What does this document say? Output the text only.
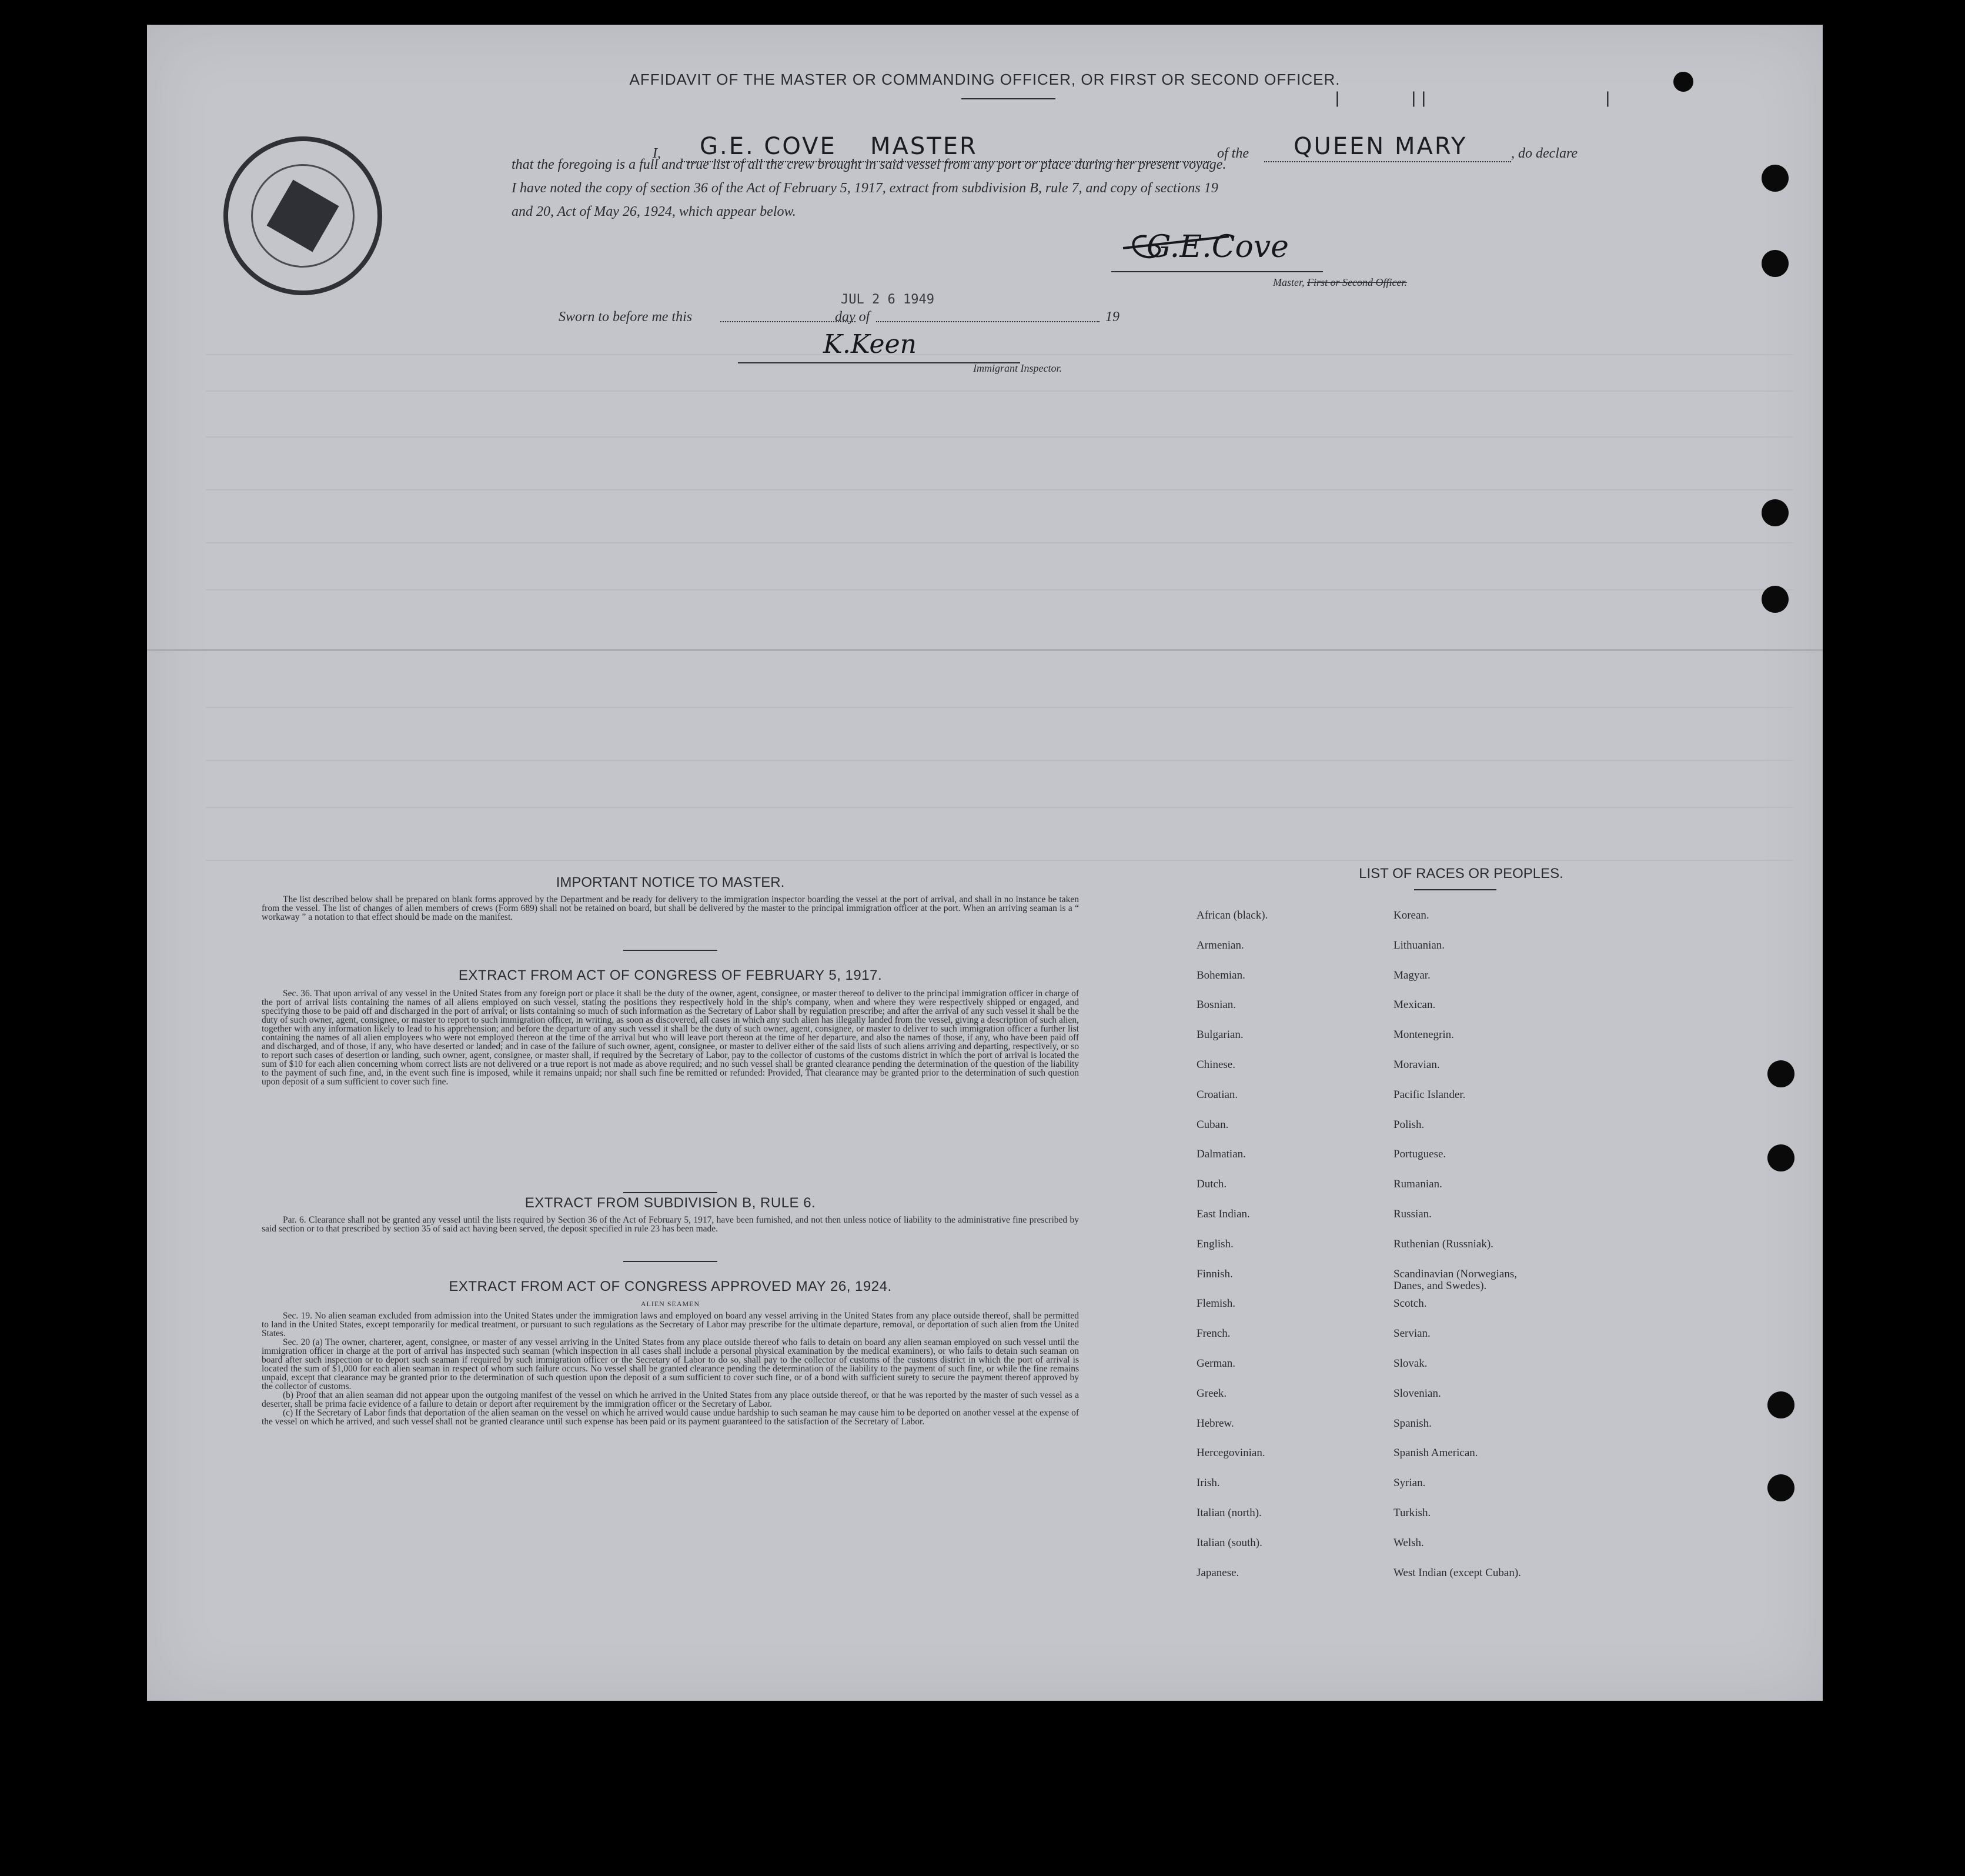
AFFIDAVIT OF THE MASTER OR COMMANDING OFFICER, OR FIRST OR SECOND OFFICER.
I, G.E. COVE MASTER	of the QUEEN MARY	, do declare
that the foregoing is a full and true list of all the crew brought in said vessel from any port or place during her present voyage.
I have noted the copy of section 36 of the Act of February 5, 1917, extract from subdivision B, rule 7, and copy of sections 19
and 20, Act of May 26, 1924, which appear below.
G.E.Cove
Master, First or Second Officer.
Sworn to before me this	day of	19
JUL 2 6 1949
K.Keen
Immigrant Inspector.
IMPORTANT NOTICE TO MASTER.

The list described below shall be prepared on blank forms approved by the Department and be ready for delivery to the immigration inspector boarding the vessel at the port of arrival, and shall in no instance be taken from the vessel. The list of changes of alien members of crews (Form 689) shall not be retained on board, but shall be delivered by the master to the principal immigration officer at the port. When an arriving seaman is a “ workaway ” a notation to that effect should be made on the manifest.

EXTRACT FROM ACT OF CONGRESS OF FEBRUARY 5, 1917.

Sec. 36. That upon arrival of any vessel in the United States from any foreign port or place it shall be the duty of the owner, agent, consignee, or master thereof to deliver to the principal immigration officer in charge of the port of arrival lists containing the names of all aliens employed on such vessel, stating the positions they respectively hold in the ship's company, when and where they were respectively shipped or engaged, and specifying those to be paid off and discharged in the port of arrival; or lists containing so much of such information as the Secretary of Labor shall by regulation prescribe; and after the arrival of any such vessel it shall be the duty of such owner, agent, consignee, or master to report to such immigration officer, in writing, as soon as discovered, all cases in which any such alien has illegally landed from the vessel, giving a description of such alien, together with any information likely to lead to his apprehension; and before the departure of any such vessel it shall be the duty of such owner, agent, consignee, or master to deliver to such immigration officer a further list containing the names of all alien employees who were not employed thereon at the time of the arrival but who will leave port thereon at the time of her departure, and also the names of those, if any, who have been paid off and discharged, and of those, if any, who have deserted or landed; and in case of the failure of such owner, agent, consignee, or master to deliver either of the said lists of such aliens arriving and departing, respectively, or so to report such cases of desertion or landing, such owner, agent, consignee, or master shall, if required by the Secretary of Labor, pay to the collector of customs of the customs district in which the port of arrival is located the sum of $10 for each alien concerning whom correct lists are not delivered or a true report is not made as above required; and no such vessel shall be granted clearance pending the determination of the question of the liability to the payment of such fine, and, in the event such fine is imposed, while it remains unpaid; nor shall such fine be remitted or refunded: Provided, That clearance may be granted prior to the determination of such question upon deposit of a sum sufficient to cover such fine.

EXTRACT FROM SUBDIVISION B, RULE 6.

Par. 6. Clearance shall not be granted any vessel until the lists required by Section 36 of the Act of February 5, 1917, have been furnished, and not then unless notice of liability to the administrative fine prescribed by said section or to that prescribed by section 35 of said act having been served, the deposit specified in rule 23 has been made.

EXTRACT FROM ACT OF CONGRESS APPROVED MAY 26, 1924.
ALIEN SEAMEN

Sec. 19. No alien seaman excluded from admission into the United States under the immigration laws and employed on board any vessel arriving in the United States from any place outside thereof, shall be permitted to land in the United States, except temporarily for medical treatment, or pursuant to such regulations as the Secretary of Labor may prescribe for the ultimate departure, removal, or deportation of such alien from the United States.

Sec. 20 (a) The owner, charterer, agent, consignee, or master of any vessel arriving in the United States from any place outside thereof who fails to detain on board any alien seaman employed on such vessel until the immigration officer in charge at the port of arrival has inspected such seaman (which inspection in all cases shall include a personal physical examination by the medical examiners), or who fails to detain such seaman on board after such inspection or to deport such seaman if required by such immigration officer or the Secretary of Labor to do so, shall pay to the collector of customs of the customs district in which the port of arrival is located the sum of $1,000 for each alien seaman in respect of whom such failure occurs. No vessel shall be granted clearance pending the determination of the liability to the payment of such fine, or while the fine remains unpaid, except that clearance may be granted prior to the determination of such question upon the deposit of a sum sufficient to cover such fine, or of a bond with sufficient surety to secure the payment thereof approved by the collector of customs.

(b) Proof that an alien seaman did not appear upon the outgoing manifest of the vessel on which he arrived in the United States from any place outside thereof, or that he was reported by the master of such vessel as a deserter, shall be prima facie evidence of a failure to detain or deport after requirement by the immigration officer or the Secretary of Labor.

(c) If the Secretary of Labor finds that deportation of the alien seaman on the vessel on which he arrived would cause undue hardship to such seaman he may cause him to be deported on another vessel at the expense of the vessel on which he arrived, and such vessel shall not be granted clearance until such expense has been paid or its payment guaranteed to the satisfaction of the Secretary of Labor.

LIST OF RACES OR PEOPLES.
African (black).
Armenian.
Bohemian.
Bosnian.
Bulgarian.
Chinese.
Croatian.
Cuban.
Dalmatian.
Dutch.
East Indian.
English.
Finnish.
Flemish.
French.
German.
Greek.
Hebrew.
Hercegovinian.
Irish.
Italian (north).
Italian (south).
Japanese.
Korean.
Lithuanian.
Magyar.
Mexican.
Montenegrin.
Moravian.
Pacific Islander.
Polish.
Portuguese.
Rumanian.
Russian.
Ruthenian (Russniak).
Scandinavian (Norwegians,
Danes, and Swedes).
Scotch.
Servian.
Slovak.
Slovenian.
Spanish.
Spanish American.
Syrian.
Turkish.
Welsh.
West Indian (except Cuban).
|	| |	|
